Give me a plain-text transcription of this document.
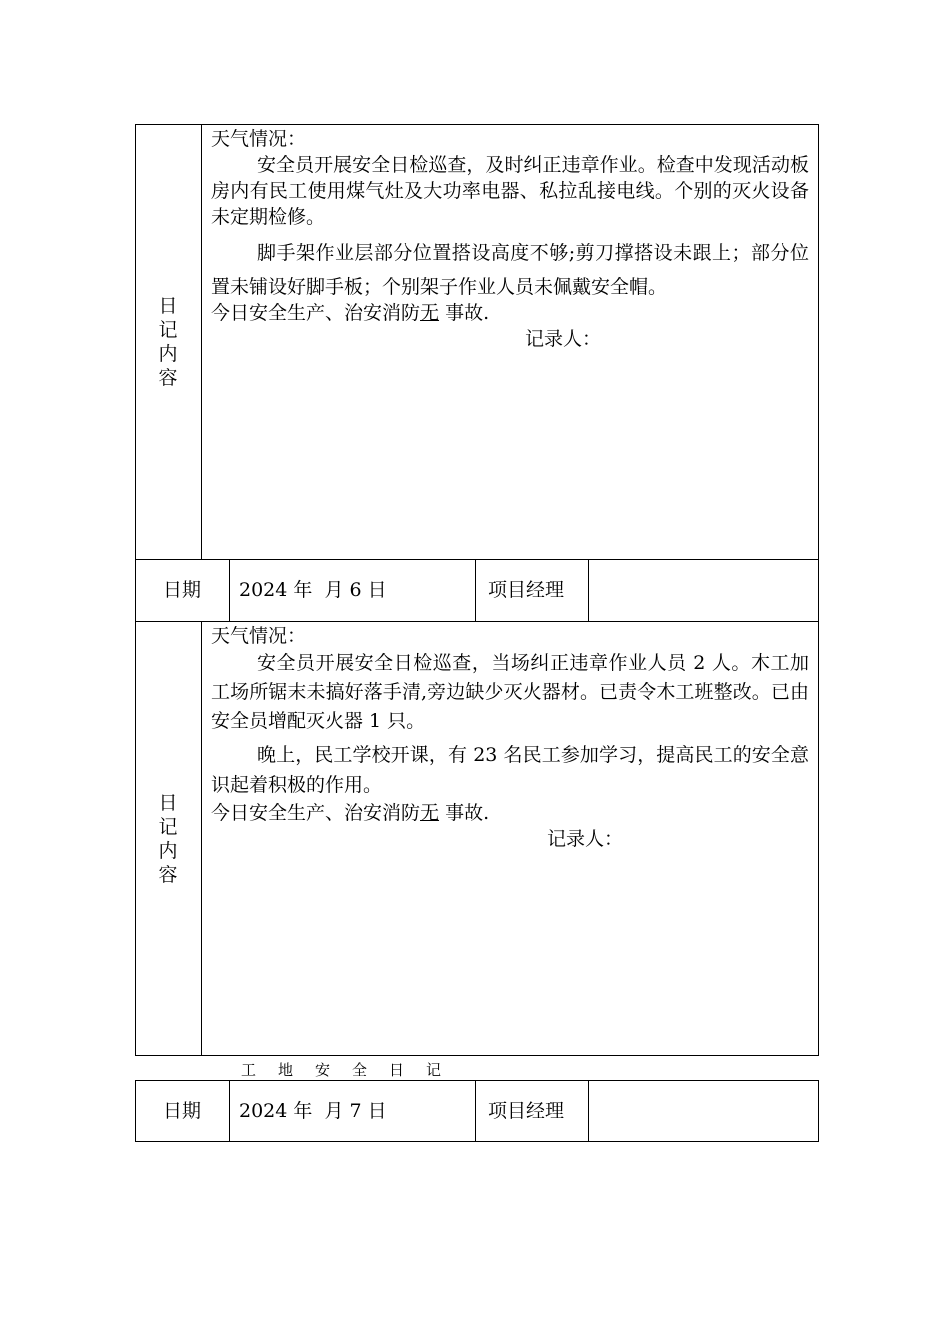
日
记
内
容

天气情况：

安全员开展安全日检巡查，及时纠正违章作业。检查中发现活动板房内有民工使用煤气灶及大功率电器、私拉乱接电线。个别的灭火设备未定期检修。

脚手架作业层部分位置搭设高度不够;剪刀撑搭设未跟上；部分位置未铺设好脚手板；个别架子作业人员未佩戴安全帽。

今日安全生产、治安消防无 事故.

记录人：

日期 2024 年  月 6 日	项目经理
日
记
内
容

天气情况：

安全员开展安全日检巡查，当场纠正违章作业人员 2 人。木工加工场所锯末未搞好落手清,旁边缺少灭火器材。已责令木工班整改。已由安全员增配灭火器 1 只。

晚上，民工学校开课，有 23 名民工参加学习，提高民工的安全意识起着积极的作用。

今日安全生产、治安消防无 事故.

记录人：

工地安全日记
日期 2024 年  月 7 日	项目经理
